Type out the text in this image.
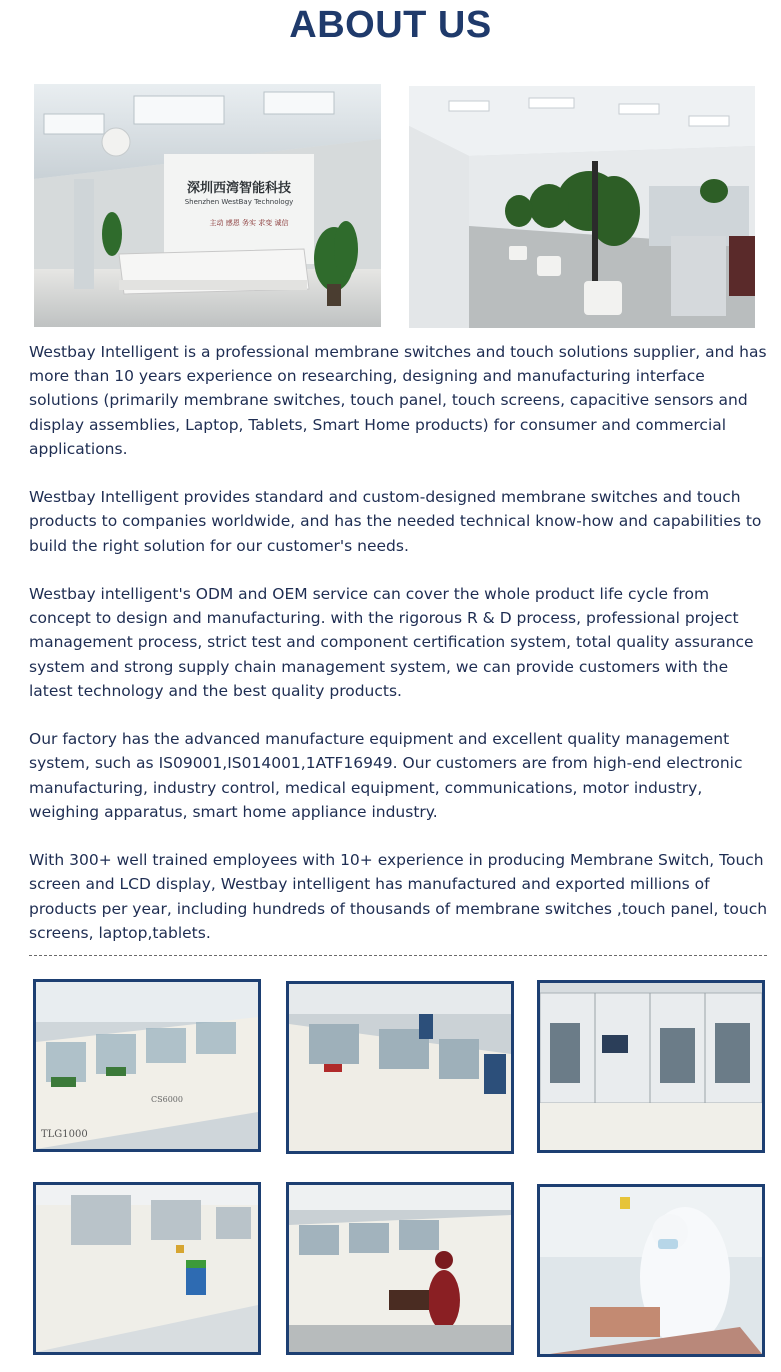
ABOUT US
深圳西湾智能科技
Shenzhen WestBay Technology
主动 感恩 务实 求变 诚信

Westbay Intelligent is a professional membrane switches and touch solutions supplier, and has more than 10 years experience on researching, designing and manufacturing interface solutions (primarily membrane switches, touch panel, touch screens, capacitive sensors and display assemblies, Laptop, Tablets, Smart Home products) for consumer and commercial applications.

Westbay Intelligent provides standard and custom-designed membrane switches and touch products to companies worldwide, and has the needed technical know-how and capabilities to build the right solution for our customer's needs.

Westbay intelligent's ODM and OEM service can cover the whole product life cycle from concept to design and manufacturing. with the rigorous R & D process, professional project management process, strict test and component certification system, total quality assurance system and strong supply chain management system, we can provide customers with the latest technology and the best quality products.

Our factory has the advanced manufacture equipment and excellent quality management system, such as IS09001,IS014001,1ATF16949. Our customers are from high-end electronic manufacturing, industry control, medical equipment, communications, motor industry, weighing apparatus, smart home appliance industry.

With 300+ well trained employees with 10+ experience in producing Membrane Switch, Touch screen and LCD display, Westbay intelligent has manufactured and exported millions of products per year, including hundreds of thousands of membrane switches ,touch panel, touch screens, laptop,tablets.

CS6000
TLG1000
